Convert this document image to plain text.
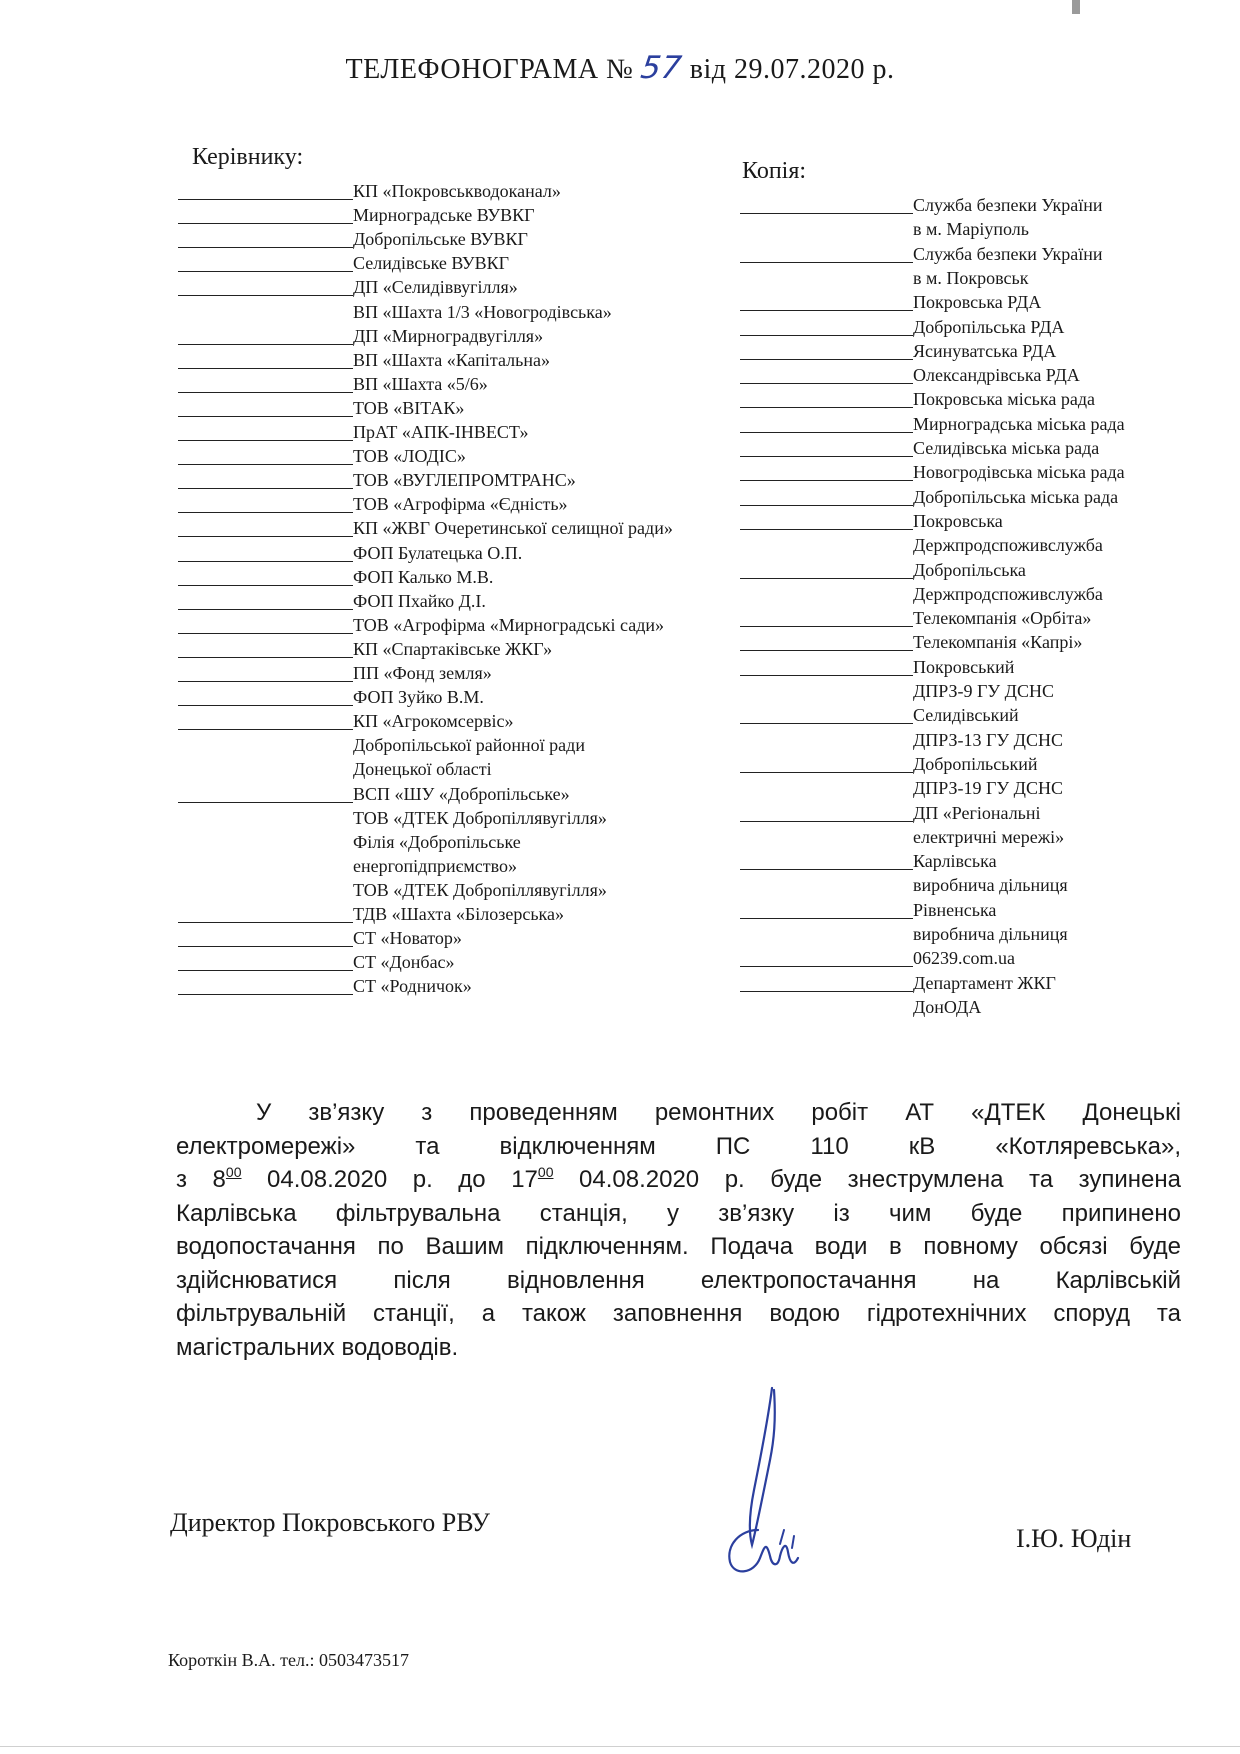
ТЕЛЕФОНОГРАМА № 57 від 29.07.2020 р.
Керівнику:
КП «Покровськводоканал»
Мирноградське ВУВКГ
Добропільське ВУВКГ
Селидівське ВУВКГ
ДП «Селидіввугілля»
ВП «Шахта 1/3 «Новогродівська»
ДП «Мирноградвугілля»
ВП «Шахта «Капітальна»
ВП «Шахта «5/6»
ТОВ «ВІТАК»
ПрАТ «АПК-ІНВЕСТ»
ТОВ «ЛОДІС»
ТОВ «ВУГЛЕПРОМТРАНС»
ТОВ «Агрофірма «Єдність»
КП «ЖВГ Очеретинської селищної ради»
ФОП Булатецька О.П.
ФОП Калько М.В.
ФОП Пхайко Д.І.
ТОВ «Агрофірма «Мирноградські сади»
КП «Спартаківське ЖКГ»
ПП «Фонд земля»
ФОП Зуйко В.М.
КП «Агрокомсервіс»
Добропільської районної ради
Донецької області
ВСП «ШУ «Добропільське»
ТОВ «ДТЕК Добропіллявугілля»
Філія «Добропільське
енергопідприємство»
ТОВ «ДТЕК Добропіллявугілля»
ТДВ «Шахта «Білозерська»
СТ «Новатор»
СТ «Донбас»
СТ «Родничок»
Копія:
Служба безпеки України
в м. Маріуполь
Служба безпеки України
в м. Покровськ
Покровська РДА
Добропільська РДА
Ясинуватська РДА
Олександрівська РДА
Покровська міська рада
Мирноградська міська рада
Селидівська міська рада
Новогродівська міська рада
Добропільська міська рада
Покровська
Держпродспоживслужба
Добропільська
Держпродспоживслужба
Телекомпанія «Орбіта»
Телекомпанія «Капрі»
Покровський
ДПРЗ-9 ГУ ДСНС
Селидівський
ДПРЗ-13 ГУ ДСНС
Добропільський
ДПРЗ-19 ГУ ДСНС
ДП «Регіональні
електричні мережі»
Карлівська
виробнича дільниця
Рівненська
виробнича дільниця
06239.com.ua
Департамент ЖКГ
ДонОДА
У зв’язку з проведенням ремонтних робіт АТ «ДТЕК Донецькі
електромережі» та відключенням ПС 110 кВ «Котляревська»,
з $8^{00}$ 04.08.2020 р. до $17^{00}$ 04.08.2020 р. буде знеструмлена та зупинена
Карлівська фільтрувальна станція, у зв’язку із чим буде припинено
водопостачання по Вашим підключенням. Подача води в повному обсязі буде
здійснюватися після відновлення електропостачання на Карлівській
фільтрувальній станції, а також заповнення водою гідротехнічних споруд та
магістральних водоводів.
Директор Покровського РВУ
І.Ю. Юдін
Короткін В.А. тел.: 0503473517
